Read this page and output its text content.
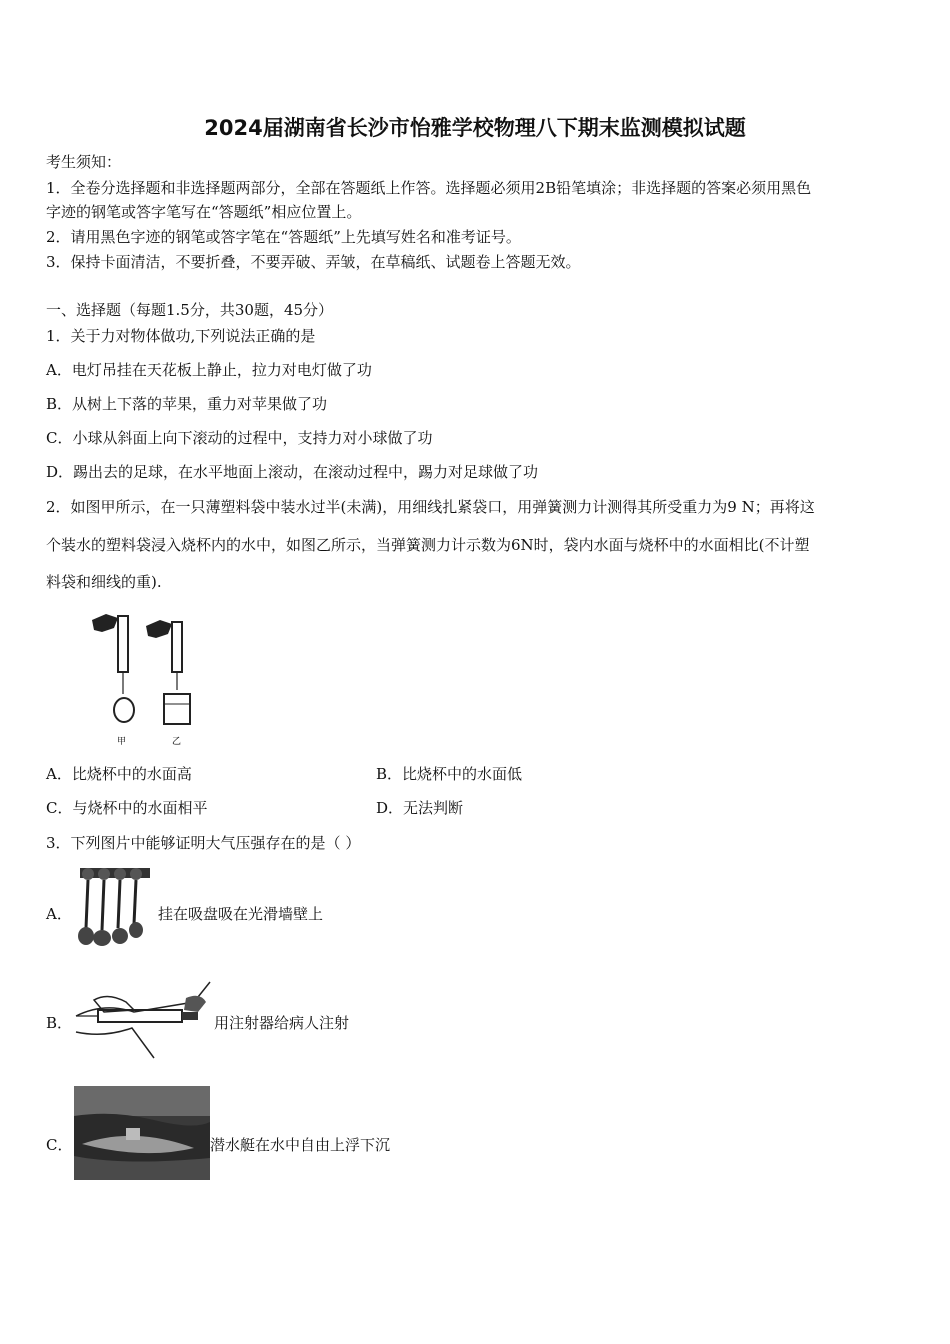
2024届湖南省长沙市怡雅学校物理八下期末监测模拟试题
考生须知：
1．全卷分选择题和非选择题两部分，全部在答题纸上作答。选择题必须用2B铅笔填涂；非选择题的答案必须用黑色
字迹的钢笔或答字笔写在“答题纸”相应位置上。
2．请用黑色字迹的钢笔或答字笔在“答题纸”上先填写姓名和准考证号。
3．保持卡面清洁，不要折叠，不要弄破、弄皱，在草稿纸、试题卷上答题无效。
一、选择题（每题1.5分，共30题，45分）
1．关于力对物体做功,下列说法正确的是
A．电灯吊挂在天花板上静止，拉力对电灯做了功
B．从树上下落的苹果，重力对苹果做了功
C．小球从斜面上向下滚动的过程中，支持力对小球做了功
D．踢出去的足球，在水平地面上滚动，在滚动过程中，踢力对足球做了功
2．如图甲所示，在一只薄塑料袋中装水过半(未满)，用细线扎紧袋口，用弹簧测力计测得其所受重力为9 N；再将这
个装水的塑料袋浸入烧杯内的水中，如图乙所示，当弹簧测力计示数为6N时，袋内水面与烧杯中的水面相比(不计塑
料袋和细线的重).
甲	乙
A．比烧杯中的水面高	B．比烧杯中的水面低
C．与烧杯中的水面相平	D．无法判断
3．下列图片中能够证明大气压强存在的是（ ）
A．	挂在吸盘吸在光滑墙壁上
B．	用注射器给病人注射
C．	潜水艇在水中自由上浮下沉
